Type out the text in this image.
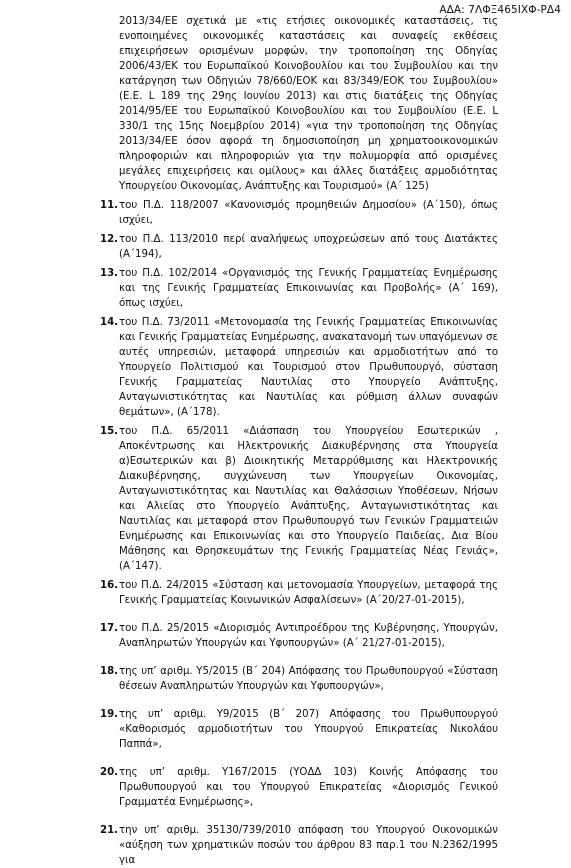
ΑΔΑ: 7ΛΦΞ465ΙΧΦ-ΡΔ4
2013/34/ΕΕ σχετικά με «τις ετήσιες οικονομικές καταστάσεις, τις ενοποιημένες οικονομικές καταστάσεις και συναφείς εκθέσεις επιχειρήσεων ορισμένων μορφών, την τροποποίηση της Οδηγίας 2006/43/ΕΚ του Ευρωπαϊκού Κοινοβουλίου και του Συμβουλίου και την κατάργηση των Οδηγιών 78/660/ΕΟΚ και 83/349/ΕΟΚ του Συμβουλίου» (Ε.Ε. L 189 της 29ης Ιουνίου 2013) και στις διατάξεις της Οδηγίας 2014/95/ΕΕ του Ευρωπαϊκού Κοινοβουλίου και του Συμβουλίου (Ε.Ε. L 330/1 της 15ης Νοεμβρίου 2014) «για την τροποποίηση της Οδηγίας 2013/34/ΕΕ όσον αφορά τη δημοσιοποίηση μη χρηματοοικονομικών πληροφοριών και πληροφοριών για την πολυμορφία από ορισμένες μεγάλες επιχειρήσεις και ομίλους» και άλλες διατάξεις αρμοδιότητας Υπουργείου Οικονομίας, Ανάπτυξης και Τουρισμού» (Α΄ 125)
11. του Π.Δ. 118/2007 «Κανονισμός προμηθειών Δημοσίου» (Α΄150), όπως ισχύει,
12. του Π.Δ. 113/2010 περί αναλήψεως υποχρεώσεων από τους Διατάκτες (Α΄194),
13. του Π.Δ. 102/2014 «Οργανισμός της Γενικής Γραμματείας Ενημέρωσης και της Γενικής Γραμματείας Επικοινωνίας και Προβολής» (Α΄ 169), όπως ισχύει,
14. του Π.Δ. 73/2011 «Μετονομασία της Γενικής Γραμματείας Επικοινωνίας και Γενικής Γραμματείας Ενημέρωσης, ανακατανομή των υπαγόμενων σε αυτές υπηρεσιών, μεταφορά υπηρεσιών και αρμοδιοτήτων από το Υπουργείο Πολιτισμού και Τουρισμού στον Πρωθυπουργό, σύσταση Γενικής Γραμματείας Ναυτιλίας στο Υπουργείο Ανάπτυξης, Ανταγωνιστικότητας και Ναυτιλίας και ρύθμιση άλλων συναφών θεμάτων», (Α΄178).
15. του Π.Δ. 65/2011 «Διάσπαση του Υπουργείου Εσωτερικών , Αποκέντρωσης και Ηλεκτρονικής Διακυβέρνησης στα Υπουργεία α)Εσωτερικών και β) Διοικητικής Μεταρρύθμισης και Ηλεκτρονικής Διακυβέρνησης, συγχώνευση των Υπουργείων Οικονομίας, Ανταγωνιστικότητας και Ναυτιλίας και Θαλάσσιων Υποθέσεων, Νήσων και Αλιείας στο Υπουργείο Ανάπτυξης, Ανταγωνιστικότητας και Ναυτιλίας και μεταφορά στον Πρωθυπουργό των Γενικών Γραμματειών Ενημέρωσης και Επικοινωνίας και στο Υπουργείο Παιδείας, Δια Βίου Μάθησης και Θρησκευμάτων της Γενικής Γραμματείας Νέας Γενιάς», (Α΄147).
16. του Π.Δ. 24/2015 «Σύσταση και μετονομασία Υπουργείων, μεταφορά της Γενικής Γραμματείας Κοινωνικών Ασφαλίσεων» (Α΄20/27-01-2015),
17. του Π.Δ. 25/2015 «Διορισμός Αντιπροέδρου της Κυβέρνησης, Υπουργών, Αναπληρωτών Υπουργών και Υφυπουργών» (Α΄ 21/27-01-2015),
18. της υπ’ αριθμ. Υ5/2015 (Β΄ 204) Απόφασης του Πρωθυπουργού «Σύσταση θέσεων Αναπληρωτών Υπουργών και Υφυπουργών»,
19. της υπ’ αριθμ. Υ9/2015 (Β΄ 207) Απόφασης του Πρωθυπουργού «Καθορισμός αρμοδιοτήτων του Υπουργού Επικρατείας Νικολάου Παππά»,
20. της υπ’ αριθμ. Υ167/2015 (ΥΟΔΔ 103) Κοινής Απόφασης του Πρωθυπουργού και του Υπουργού Επικρατείας «Διορισμός Γενικού Γραμματέα Ενημέρωσης»,
21. την υπ’ αριθμ. 35130/739/2010 απόφαση του Υπουργού Οικονομικών «αύξηση των χρηματικών ποσών του άρθρου 83 παρ.1 του Ν.2362/1995 για
